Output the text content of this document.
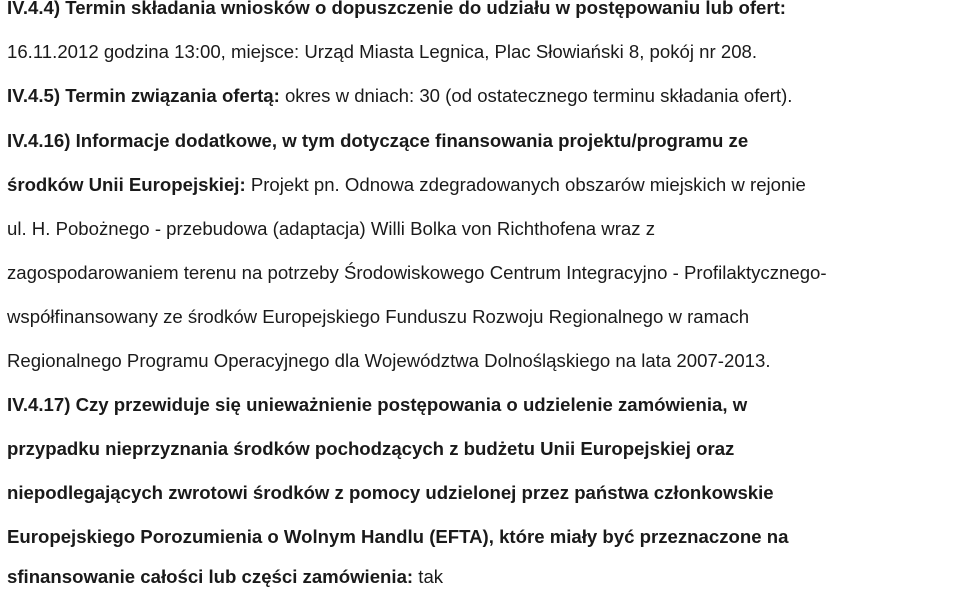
IV.4.4) Termin składania wniosków o dopuszczenie do udziału w postępowaniu lub ofert:
16.11.2012 godzina 13:00, miejsce: Urząd Miasta Legnica, Plac Słowiański 8, pokój nr 208.
IV.4.5) Termin związania ofertą: okres w dniach: 30 (od ostatecznego terminu składania ofert).
IV.4.16) Informacje dodatkowe, w tym dotyczące finansowania projektu/programu ze
środków Unii Europejskiej: Projekt pn. Odnowa zdegradowanych obszarów miejskich w rejonie
ul. H. Pobożnego - przebudowa (adaptacja) Willi Bolka von Richthofena wraz z
zagospodarowaniem terenu na potrzeby Środowiskowego Centrum Integracyjno - Profilaktycznego-
współfinansowany ze środków Europejskiego Funduszu Rozwoju Regionalnego w ramach
Regionalnego Programu Operacyjnego dla Województwa Dolnośląskiego na lata 2007-2013.
IV.4.17) Czy przewiduje się unieważnienie postępowania o udzielenie zamówienia, w
przypadku nieprzyznania środków pochodzących z budżetu Unii Europejskiej oraz
niepodlegających zwrotowi środków z pomocy udzielonej przez państwa członkowskie
Europejskiego Porozumienia o Wolnym Handlu (EFTA), które miały być przeznaczone na
sfinansowanie całości lub części zamówienia: tak
